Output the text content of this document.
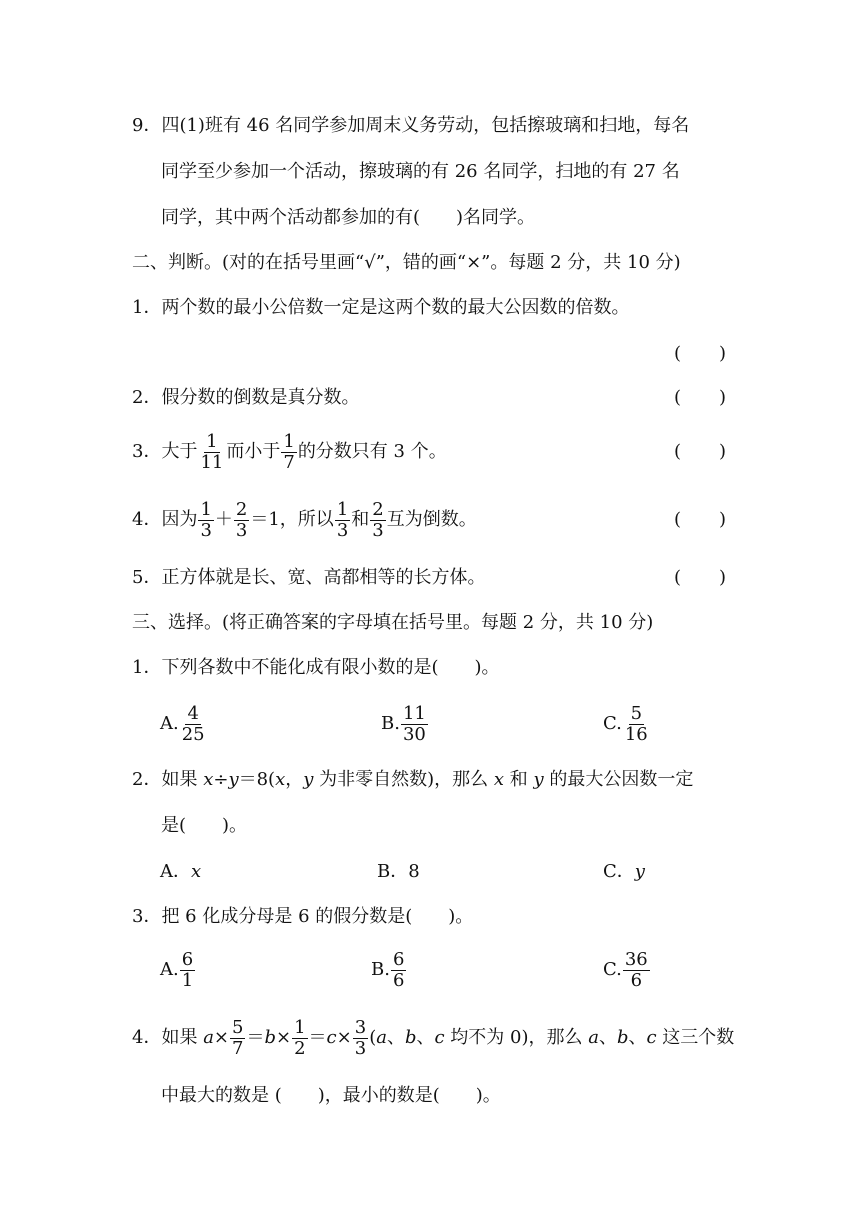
9．四(1)班有 46 名同学参加周末义务劳动，包括擦玻璃和扫地，每名
同学至少参加一个活动，擦玻璃的有 26 名同学，扫地的有 27 名
同学，其中两个活动都参加的有(　　)名同学。
二、判断。(对的在括号里画“√”，错的画“×”。每题 2 分，共 10 分)
1．两个数的最小公倍数一定是这两个数的最大公因数的倍数。
( )
2．假分数的倒数是真分数。	( )
3．大于 $\frac{1}{11}$ 而小于 $\frac{1}{7}$ 的分数只有 3 个。	( )
4．因为 $\frac{1}{3} + \frac{2}{3} =1$，所以 $\frac{1}{3}$ 和 $\frac{2}{3}$ 互为倒数。	( )
5．正方体就是长、宽、高都相等的长方体。	( )
三、选择。(将正确答案的字母填在括号里。每题 2 分，共 10 分)
1．下列各数中不能化成有限小数的是(　　)。
A. $\frac{4}{25}$	B. $\frac{11}{30}$	C. $\frac{5}{16}$
2．如果 x÷y＝8(x，y 为非零自然数)，那么 x 和 y 的最大公因数一定
是(　　)。
A．x	B．8	C．y
3．把 6 化成分母是 6 的假分数是(　　)。
A. $\frac{6}{1}$	B. $\frac{6}{6}$	C. $\frac{36}{6}$
4．如果 $a\times \frac{5}{7} =b\times \frac{1}{2} =c\times \frac{3}{3} (a$、b、c 均不为 0)，那么 a、b、c 这三个数
中最大的数是 (　　)，最小的数是(　　)。
